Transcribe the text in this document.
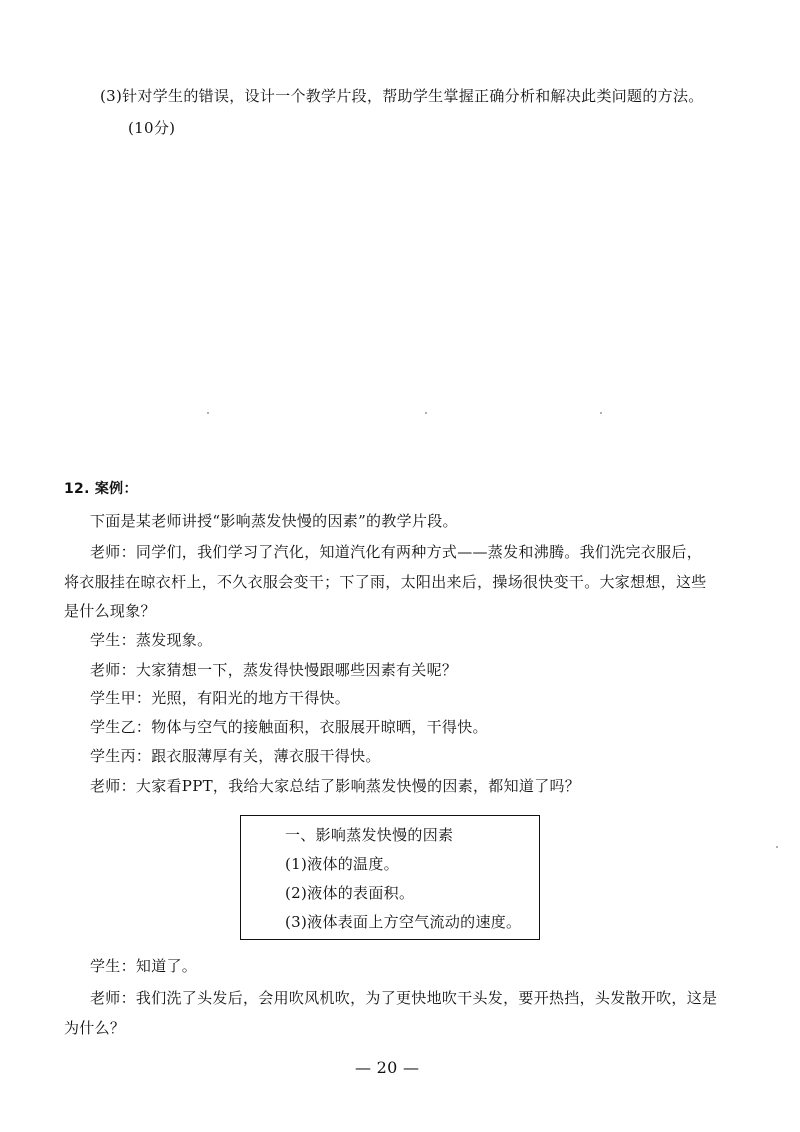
(3)针对学生的错误，设计一个教学片段，帮助学生掌握正确分析和解决此类问题的方法。
(10分)
12. 案例：
下面是某老师讲授“影响蒸发快慢的因素”的教学片段。
老师：同学们，我们学习了汽化，知道汽化有两种方式——蒸发和沸腾。我们洗完衣服后，
将衣服挂在晾衣杆上，不久衣服会变干；下了雨，太阳出来后，操场很快变干。大家想想，这些
是什么现象？
学生：蒸发现象。
老师：大家猜想一下，蒸发得快慢跟哪些因素有关呢？
学生甲：光照，有阳光的地方干得快。
学生乙：物体与空气的接触面积，衣服展开晾晒，干得快。
学生丙：跟衣服薄厚有关，薄衣服干得快。
老师：大家看PPT，我给大家总结了影响蒸发快慢的因素，都知道了吗？
一、影响蒸发快慢的因素
(1)液体的温度。
(2)液体的表面积。
(3)液体表面上方空气流动的速度。
学生：知道了。
老师：我们洗了头发后，会用吹风机吹，为了更快地吹干头发，要开热挡，头发散开吹，这是
为什么？
— 20 —
